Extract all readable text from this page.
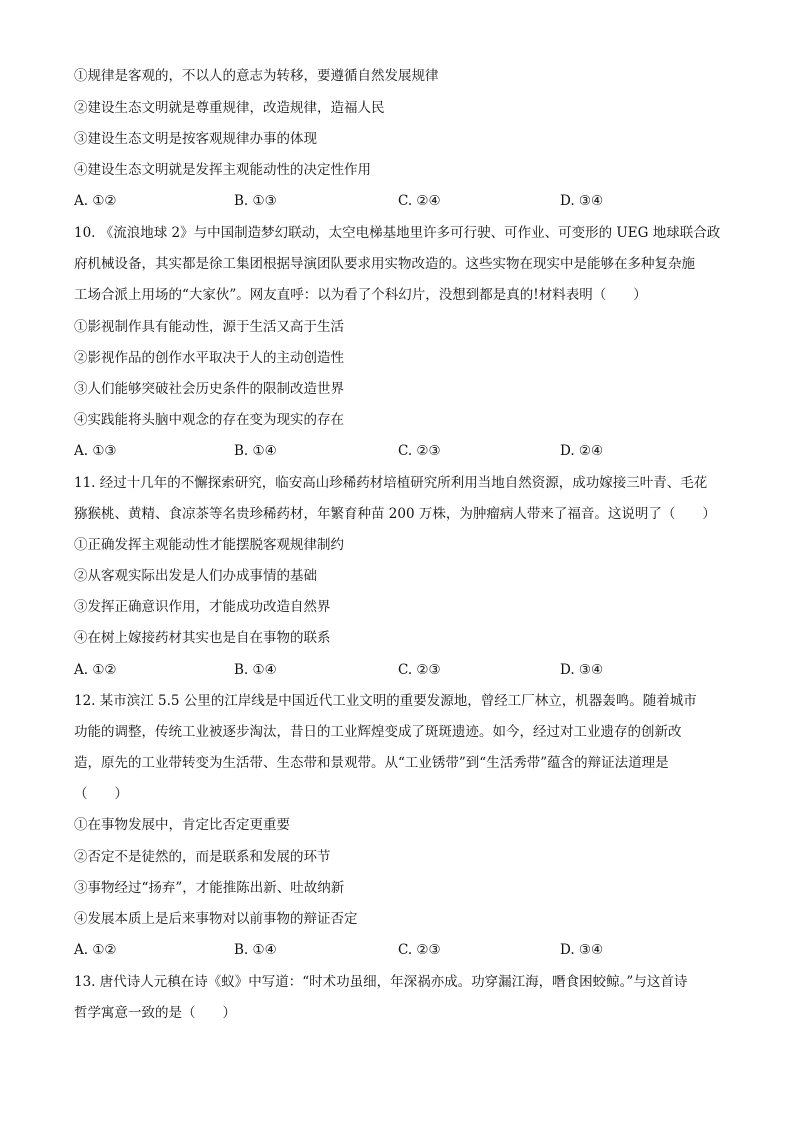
①规律是客观的，不以人的意志为转移，要遵循自然发展规律
②建设生态文明就是尊重规律，改造规律，造福人民
③建设生态文明是按客观规律办事的体现
④建设生态文明就是发挥主观能动性的决定性作用
A. ①②	B. ①③	C. ②④	D. ③④
10. 《流浪地球 2》与中国制造梦幻联动，太空电梯基地里许多可行驶、可作业、可变形的 UEG 地球联合政
府机械设备，其实都是徐工集团根据导演团队要求用实物改造的。这些实物在现实中是能够在多种复杂施
工场合派上用场的“大家伙”。网友直呼：以为看了个科幻片，没想到都是真的!材料表明（　　）
①影视制作具有能动性，源于生活又高于生活
②影视作品的创作水平取决于人的主动创造性
③人们能够突破社会历史条件的限制改造世界
④实践能将头脑中观念的存在变为现实的存在
A. ①③	B. ①④	C. ②③	D. ②④
11. 经过十几年的不懈探索研究，临安高山珍稀药材培植研究所利用当地自然资源，成功嫁接三叶青、毛花
猕猴桃、黄精、食凉茶等名贵珍稀药材，年繁育种苗 200 万株，为肿瘤病人带来了福音。这说明了（　　）
①正确发挥主观能动性才能摆脱客观规律制约
②从客观实际出发是人们办成事情的基础
③发挥正确意识作用，才能成功改造自然界
④在树上嫁接药材其实也是自在事物的联系
A. ①②	B. ①④	C. ②③	D. ③④
12. 某市滨江 5.5 公里的江岸线是中国近代工业文明的重要发源地，曾经工厂林立，机器轰鸣。随着城市
功能的调整，传统工业被逐步淘汰，昔日的工业辉煌变成了斑斑遗迹。如今，经过对工业遗存的创新改
造，原先的工业带转变为生活带、生态带和景观带。从“工业锈带”到“生活秀带”蕴含的辩证法道理是
（　　）
①在事物发展中，肯定比否定更重要
②否定不是徒然的，而是联系和发展的环节
③事物经过“扬弃”，才能推陈出新、吐故纳新
④发展本质上是后来事物对以前事物的辩证否定
A. ①②	B. ①④	C. ②③	D. ③④
13. 唐代诗人元稹在诗《蚁》中写道：“时术功虽细，年深祸亦成。功穿漏江海，噆食困蛟鲸。”与这首诗
哲学寓意一致的是（　　）
